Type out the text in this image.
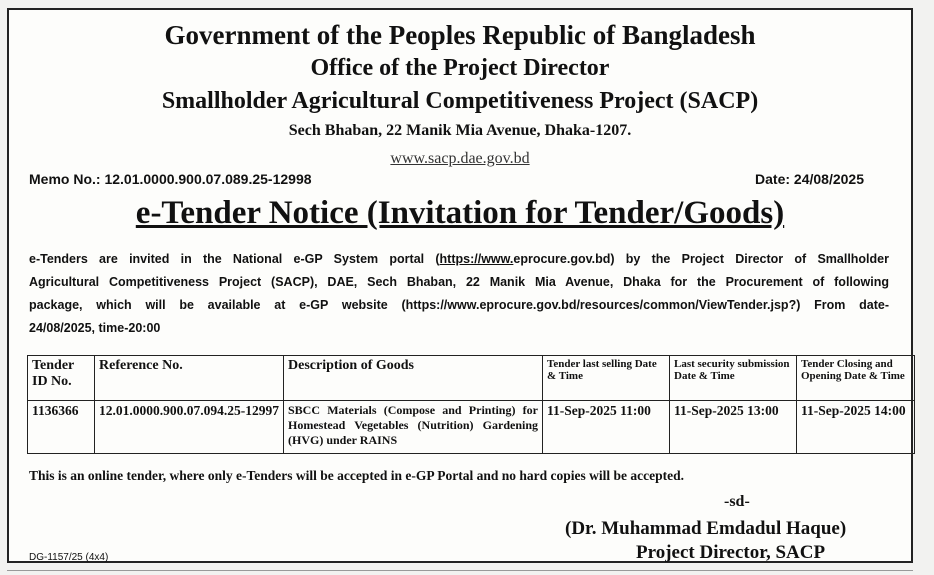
Government of the Peoples Republic of Bangladesh
Office of the Project Director
Smallholder Agricultural Competitiveness Project (SACP)
Sech Bhaban, 22 Manik Mia Avenue, Dhaka-1207.
www.sacp.dae.gov.bd
Memo No.: 12.01.0000.900.07.089.25-12998	Date: 24/08/2025
e-Tender Notice (Invitation for Tender/Goods)
e-Tenders are invited in the National e-GP System portal (https://www.eprocure.gov.bd) by the Project Director of Smallholder
Agricultural Competitiveness Project (SACP), DAE, Sech Bhaban, 22 Manik Mia Avenue, Dhaka for the Procurement of following
package, which will be available at e-GP website (https://www.eprocure.gov.bd/resources/common/ViewTender.jsp?) From date-
24/08/2025, time-20:00
Tender ID No.	Reference No.	Description of Goods	Tender last selling Date & Time	Last security submission Date & Time	Tender Closing and Opening Date & Time
1136366	12.01.0000.900.07.094.25-12997	SBCC Materials (Compose and Printing) for Homestead Vegetables (Nutrition) Gardening (HVG) under RAINS	11-Sep-2025 11:00	11-Sep-2025 13:00	11-Sep-2025 14:00
This is an online tender, where only e-Tenders will be accepted in e-GP Portal and no hard copies will be accepted.
-sd-
(Dr. Muhammad Emdadul Haque)
Project Director, SACP
DG-1157/25 (4x4)
